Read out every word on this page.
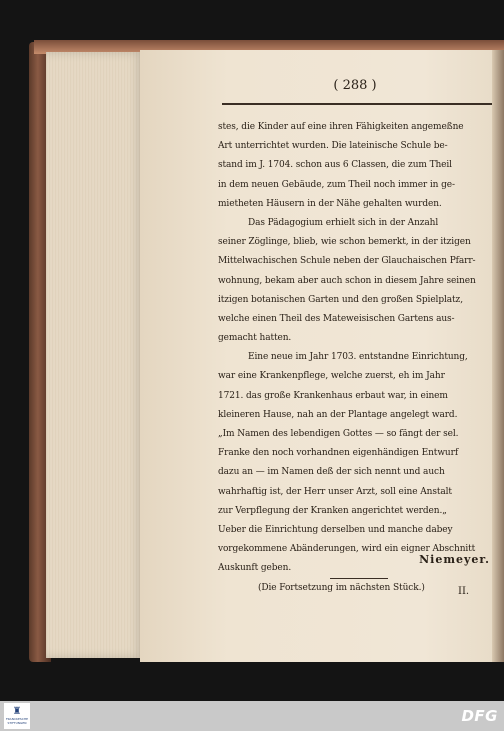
( 288 )
stes, die Kinder auf eine ihren Fähigkeiten angemeßne
Art unterrichtet wurden. Die lateinische Schule be-
stand im J. 1704. schon aus 6 Classen, die zum Theil
in dem neuen Gebäude, zum Theil noch immer in ge-
mietheten Häusern in der Nähe gehalten wurden.
Das Pädagogium erhielt sich in der Anzahl
seiner Zöglinge, blieb, wie schon bemerkt, in der itzigen
Mittelwachischen Schule neben der Glauchaischen Pfarr-
wohnung, bekam aber auch schon in diesem Jahre seinen
itzigen botanischen Garten und den großen Spielplatz,
welche einen Theil des Mateweisischen Gartens aus-
gemacht hatten.
Eine neue im Jahr 1703. entstandne Einrichtung,
war eine Krankenpflege, welche zuerst, eh im Jahr
1721. das große Krankenhaus erbaut war, in einem
kleineren Hause, nah an der Plantage angelegt ward.
„Im Namen des lebendigen Gottes — so fängt der sel.
Franke den noch vorhandnen eigenhändigen Entwurf
dazu an — im Namen deß der sich nennt und auch
wahrhaftig ist, der Herr unser Arzt, soll eine Anstalt
zur Verpflegung der Kranken angerichtet werden.„
Ueber die Einrichtung derselben und manche dabey
vorgekommene Abänderungen, wird ein eigner Abschnitt
Auskunft geben.
(Die Fortsetzung im nächsten Stück.)
Niemeyer.
II.
♜
FRANCKESCHE STIFTUNGEN	DFG
